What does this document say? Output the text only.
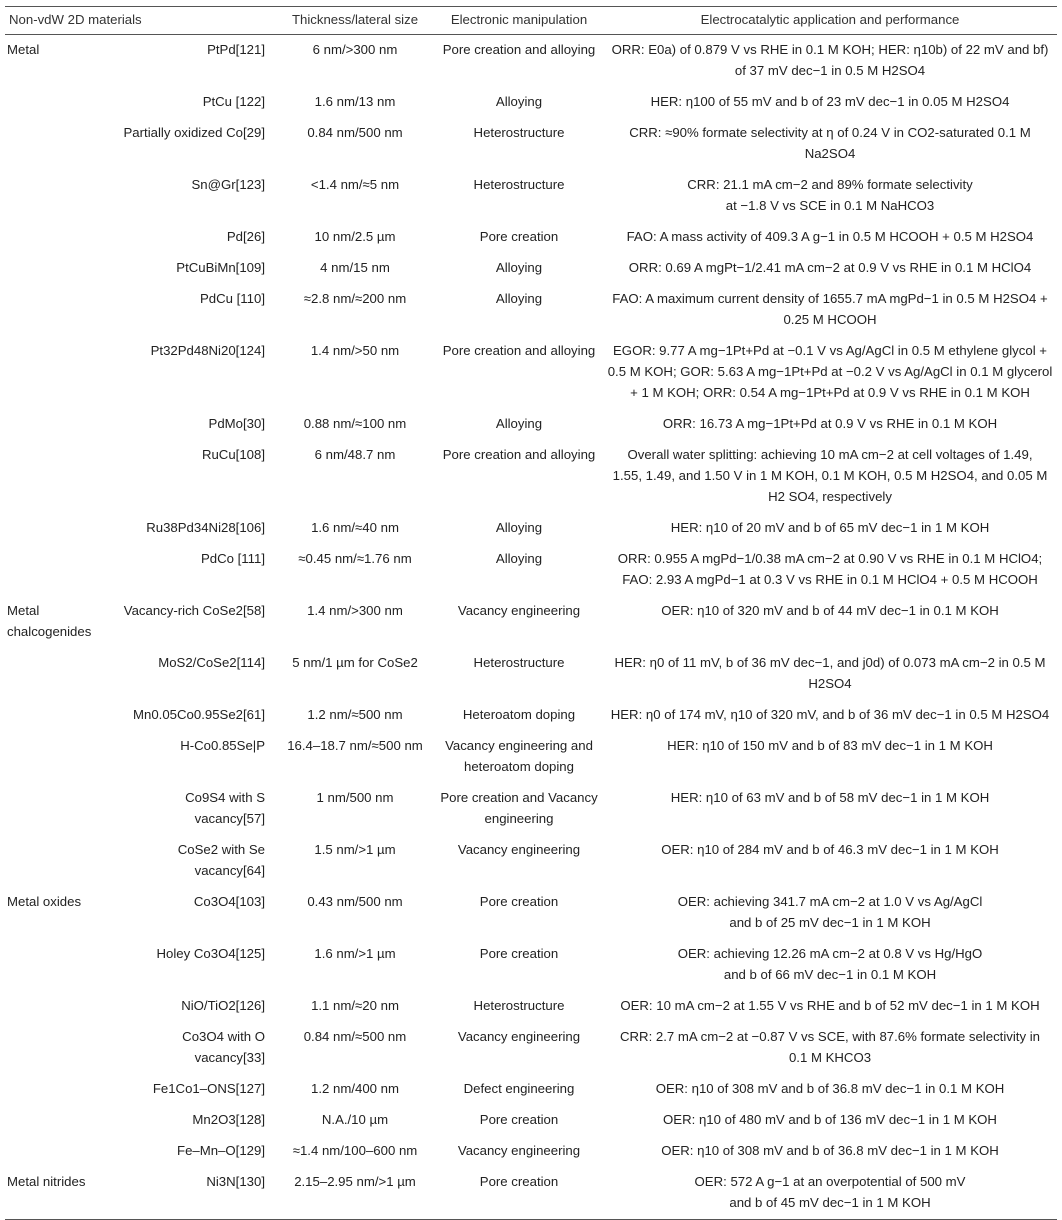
Non-vdW 2D materials		Thickness/lateral size	Electronic manipulation	Electrocatalytic application and performance
Metal	PtPd[121]	6 nm/>300 nm	Pore creation and alloying	ORR: E0a) of 0.879 V vs RHE in 0.1 M KOH; HER: η10b) of 22 mV and bf)
of 37 mV dec−1 in 0.5 M H2SO4
	PtCu [122]	1.6 nm/13 nm	Alloying	HER: η100 of 55 mV and b of 23 mV dec−1 in 0.05 M H2SO4
	Partially oxidized Co[29]	0.84 nm/500 nm	Heterostructure	CRR: ≈90% formate selectivity at η of 0.24 V in CO2-saturated 0.1 M
Na2SO4
	Sn@Gr[123]	<1.4 nm/≈5 nm	Heterostructure	CRR: 21.1 mA cm−2 and 89% formate selectivity
at −1.8 V vs SCE in 0.1 M NaHCO3
	Pd[26]	10 nm/2.5 µm	Pore creation	FAO: A mass activity of 409.3 A g−1 in 0.5 M HCOOH + 0.5 M H2SO4
	PtCuBiMn[109]	4 nm/15 nm	Alloying	ORR: 0.69 A mgPt−1/2.41 mA cm−2 at 0.9 V vs RHE in 0.1 M HClO4
	PdCu [110]	≈2.8 nm/≈200 nm	Alloying	FAO: A maximum current density of 1655.7 mA mgPd−1 in 0.5 M H2SO4 +
0.25 M HCOOH
	Pt32Pd48Ni20[124]	1.4 nm/>50 nm	Pore creation and alloying	EGOR: 9.77 A mg−1Pt+Pd at −0.1 V vs Ag/AgCl in 0.5 M ethylene glycol +
0.5 M KOH; GOR: 5.63 A mg−1Pt+Pd at −0.2 V vs Ag/AgCl in 0.1 M glycerol
+ 1 M KOH; ORR: 0.54 A mg−1Pt+Pd at 0.9 V vs RHE in 0.1 M KOH
	PdMo[30]	0.88 nm/≈100 nm	Alloying	ORR: 16.73 A mg−1Pt+Pd at 0.9 V vs RHE in 0.1 M KOH
	RuCu[108]	6 nm/48.7 nm	Pore creation and alloying	Overall water splitting: achieving 10 mA cm−2 at cell voltages of 1.49,
1.55, 1.49, and 1.50 V in 1 M KOH, 0.1 M KOH, 0.5 M H2SO4, and 0.05 M
H2 SO4, respectively
	Ru38Pd34Ni28[106]	1.6 nm/≈40 nm	Alloying	HER: η10 of 20 mV and b of 65 mV dec−1 in 1 M KOH
	PdCo [111]	≈0.45 nm/≈1.76 nm	Alloying	ORR: 0.955 A mgPd−1/0.38 mA cm−2 at 0.90 V vs RHE in 0.1 M HClO4;
FAO: 2.93 A mgPd−1 at 0.3 V vs RHE in 0.1 M HClO4 + 0.5 M HCOOH
Metal
chalcogenides	Vacancy-rich CoSe2[58]	1.4 nm/>300 nm	Vacancy engineering	OER: η10 of 320 mV and b of 44 mV dec−1 in 0.1 M KOH
	MoS2/CoSe2[114]	5 nm/1 µm for CoSe2	Heterostructure	HER: η0 of 11 mV, b of 36 mV dec−1, and j0d) of 0.073 mA cm−2 in 0.5 M
H2SO4
	Mn0.05Co0.95Se2[61]	1.2 nm/≈500 nm	Heteroatom doping	HER: η0 of 174 mV, η10 of 320 mV, and b of 36 mV dec−1 in 0.5 M H2SO4
	H-Co0.85Se|P	16.4–18.7 nm/≈500 nm	Vacancy engineering and
heteroatom doping	HER: η10 of 150 mV and b of 83 mV dec−1 in 1 M KOH
	Co9S4 with S vacancy[57]	1 nm/500 nm	Pore creation and Vacancy
engineering	HER: η10 of 63 mV and b of 58 mV dec−1 in 1 M KOH
	CoSe2 with Se vacancy[64]	1.5 nm/>1 µm	Vacancy engineering	OER: η10 of 284 mV and b of 46.3 mV dec−1 in 1 M KOH
Metal oxides	Co3O4[103]	0.43 nm/500 nm	Pore creation	OER: achieving 341.7 mA cm−2 at 1.0 V vs Ag/AgCl
and b of 25 mV dec−1 in 1 M KOH
	Holey Co3O4[125]	1.6 nm/>1 µm	Pore creation	OER: achieving 12.26 mA cm−2 at 0.8 V vs Hg/HgO
and b of 66 mV dec−1 in 0.1 M KOH
	NiO/TiO2[126]	1.1 nm/≈20 nm	Heterostructure	OER: 10 mA cm−2 at 1.55 V vs RHE and b of 52 mV dec−1 in 1 M KOH
	Co3O4 with O vacancy[33]	0.84 nm/≈500 nm	Vacancy engineering	CRR: 2.7 mA cm−2 at −0.87 V vs SCE, with 87.6% formate selectivity in
0.1 M KHCO3
	Fe1Co1–ONS[127]	1.2 nm/400 nm	Defect engineering	OER: η10 of 308 mV and b of 36.8 mV dec−1 in 0.1 M KOH
	Mn2O3[128]	N.A./10 µm	Pore creation	OER: η10 of 480 mV and b of 136 mV dec−1 in 1 M KOH
	Fe–Mn–O[129]	≈1.4 nm/100–600 nm	Vacancy engineering	OER: η10 of 308 mV and b of 36.8 mV dec−1 in 1 M KOH
Metal nitrides	Ni3N[130]	2.15–2.95 nm/>1 µm	Pore creation	OER: 572 A g−1 at an overpotential of 500 mV
and b of 45 mV dec−1 in 1 M KOH
